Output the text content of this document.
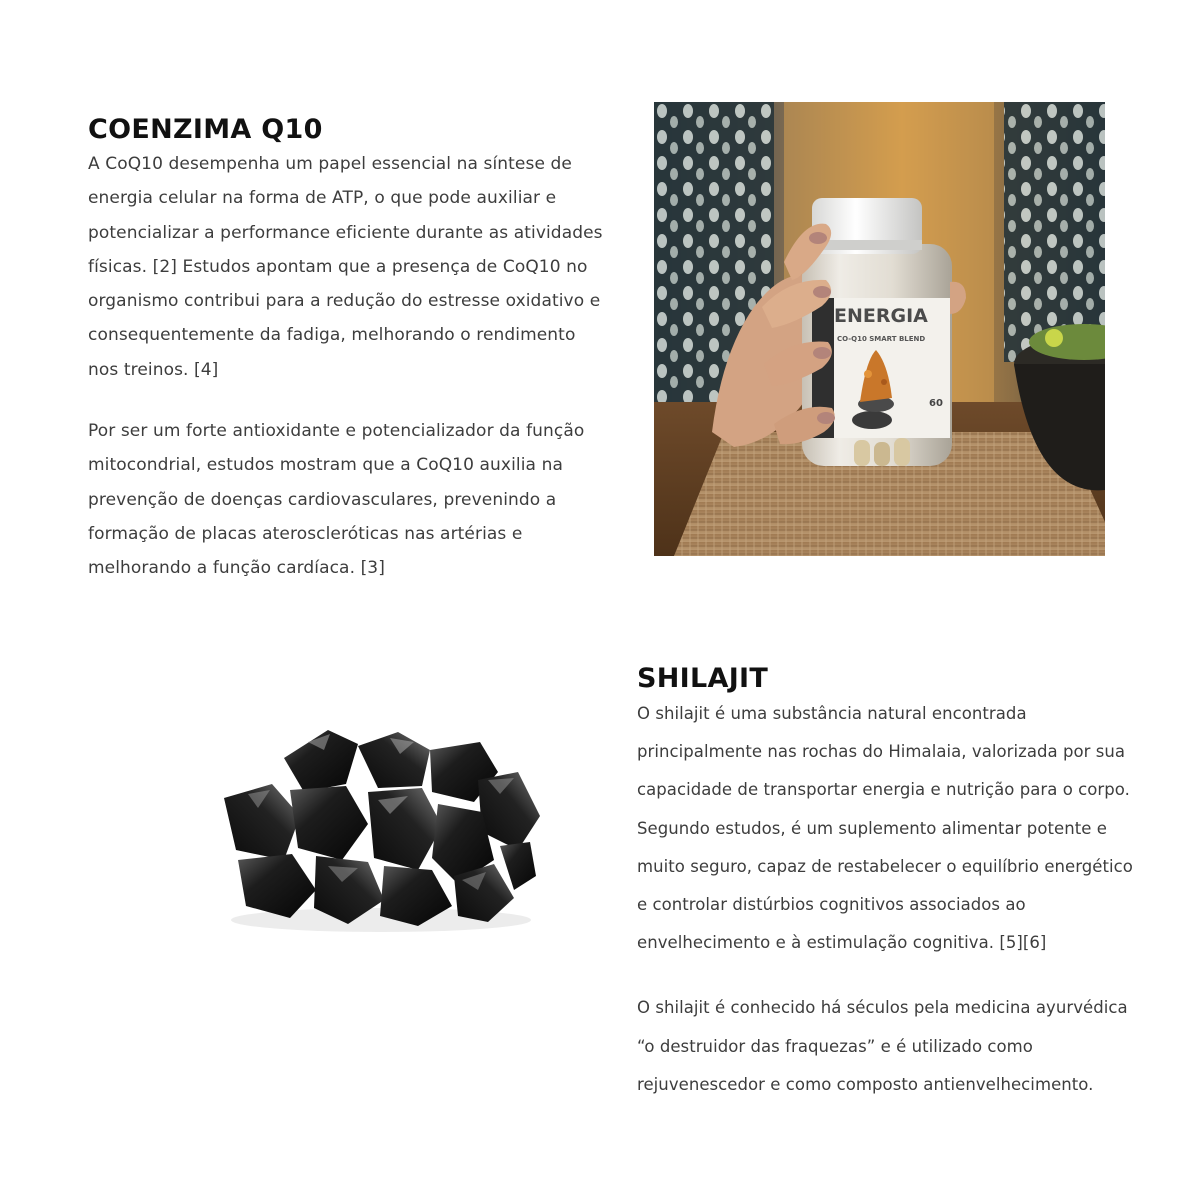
COENZIMA Q10

A CoQ10 desempenha um papel essencial na síntese de energia celular na forma de ATP, o que pode auxiliar e potencializar a performance eficiente durante as atividades físicas. [2] Estudos apontam que a presença de CoQ10 no organismo contribui para a redução do estresse oxidativo e consequentemente da fadiga, melhorando o rendimento nos treinos. [4]

Por ser um forte antioxidante e potencializador da função mitocondrial, estudos mostram que a CoQ10 auxilia na prevenção de doenças cardiovasculares, prevenindo a formação de placas ateroscleróticas nas artérias e melhorando a função cardíaca. [3]

ENERGIA
CO-Q10 SMART BLEND
60
SHILAJIT

O shilajit é uma substância natural encontrada principalmente nas rochas do Himalaia, valorizada por sua capacidade de transportar energia e nutrição para o corpo. Segundo estudos, é um suplemento alimentar potente e muito seguro, capaz de restabelecer o equilíbrio energético e controlar distúrbios cognitivos associados ao envelhecimento e à estimulação cognitiva. [5][6]

O shilajit é conhecido há séculos pela medicina ayurvédica “o destruidor das fraquezas” e é utilizado como rejuvenescedor e como composto antienvelhecimento.
